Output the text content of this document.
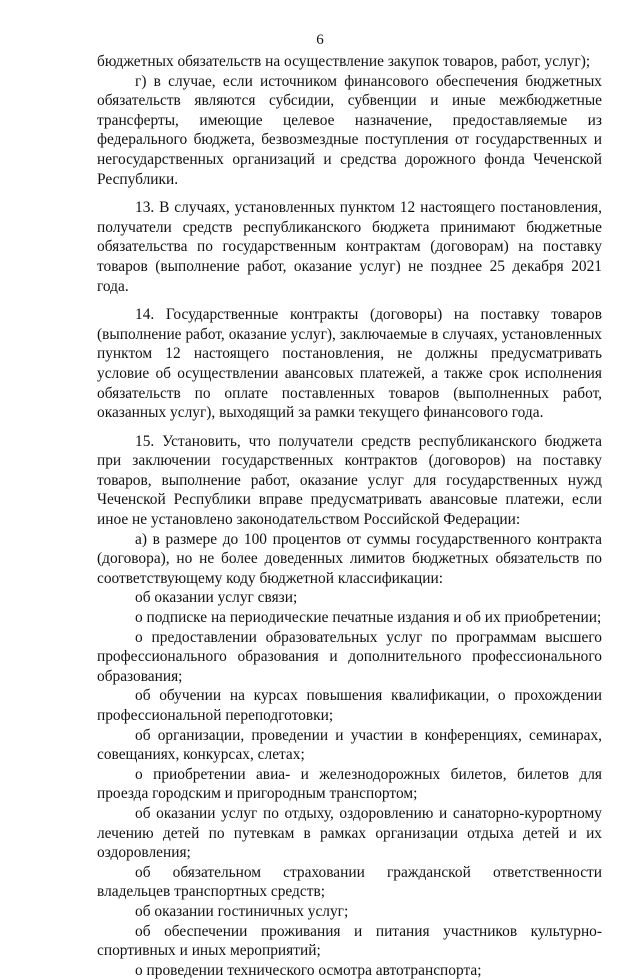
6

бюджетных обязательств на осуществление закупок товаров, работ, услуг);

г) в случае, если источником финансового обеспечения бюджетных обязательств являются субсидии, субвенции и иные межбюджетные трансферты, имеющие целевое назначение, предоставляемые из федерального бюджета, безвозмездные поступления от государственных и негосударственных организаций и средства дорожного фонда Чеченской Республики.

13. В случаях, установленных пунктом 12 настоящего постановления, получатели средств республиканского бюджета принимают бюджетные обязательства по государственным контрактам (договорам) на поставку товаров (выполнение работ, оказание услуг) не позднее 25 декабря 2021 года.

14. Государственные контракты (договоры) на поставку товаров (выполнение работ, оказание услуг), заключаемые в случаях, установленных пунктом 12 настоящего постановления, не должны предусматривать условие об осуществлении авансовых платежей, а также срок исполнения обязательств по оплате поставленных товаров (выполненных работ, оказанных услуг), выходящий за рамки текущего финансового года.

15. Установить, что получатели средств республиканского бюджета при заключении государственных контрактов (договоров) на поставку товаров, выполнение работ, оказание услуг для государственных нужд Чеченской Республики вправе предусматривать авансовые платежи, если иное не установлено законодательством Российской Федерации:

а) в размере до 100 процентов от суммы государственного контракта (договора), но не более доведенных лимитов бюджетных обязательств по соответствующему коду бюджетной классификации:

об оказании услуг связи;

о подписке на периодические печатные издания и об их приобретении;

о предоставлении образовательных услуг по программам высшего профессионального образования и дополнительного профессионального образования;

об обучении на курсах повышения квалификации, о прохождении профессиональной переподготовки;

об организации, проведении и участии в конференциях, семинарах, совещаниях, конкурсах, слетах;

о приобретении авиа- и железнодорожных билетов, билетов для проезда городским и пригородным транспортом;

об оказании услуг по отдыху, оздоровлению и санаторно-курортному лечению детей по путевкам в рамках организации отдыха детей и их оздоровления;

об обязательном страховании гражданской ответственности владельцев транспортных средств;

об оказании гостиничных услуг;

об обеспечении проживания и питания участников культурно-спортивных и иных мероприятий;

о проведении технического осмотра автотранспорта;
